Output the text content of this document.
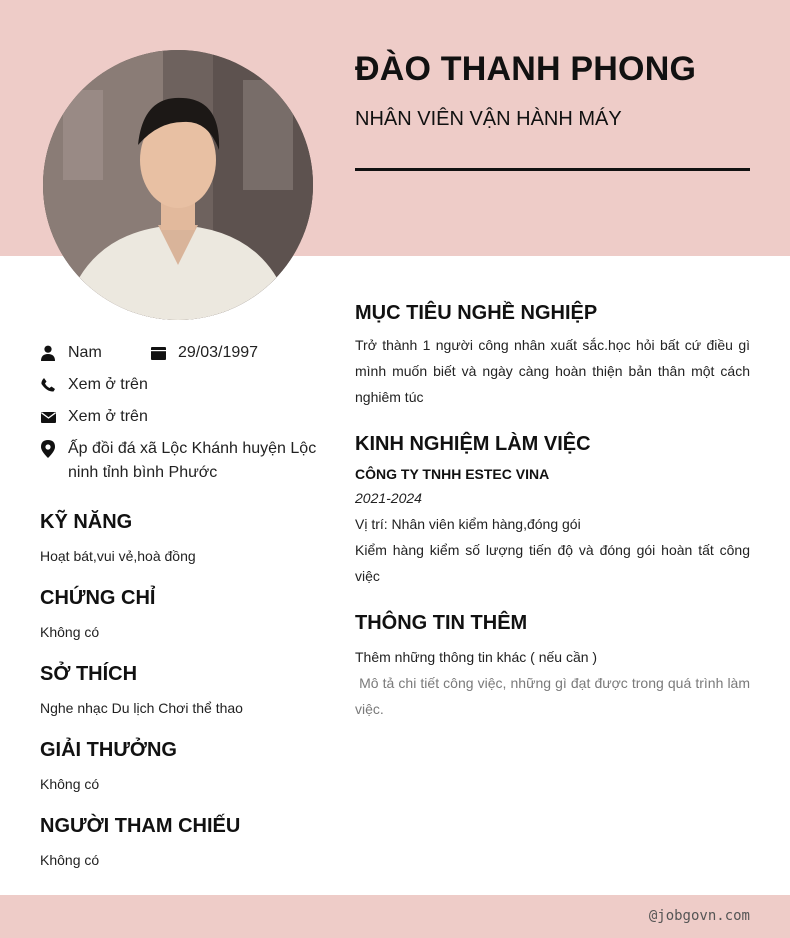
ĐÀO THANH PHONG
NHÂN VIÊN VẬN HÀNH MÁY
Nam	29/03/1997
Xem ở trên
Xem ở trên
Ấp đồi đá xã Lộc Khánh huyện Lộc ninh tỉnh bình Phước
KỸ NĂNG
Hoạt bát,vui vẻ,hoà đồng
CHỨNG CHỈ
Không có
SỞ THÍCH
Nghe nhạc Du lịch Chơi thể thao
GIẢI THƯỞNG
Không có
NGƯỜI THAM CHIẾU
Không có
MỤC TIÊU NGHỀ NGHIỆP
Trở thành 1 người công nhân xuất sắc.học hỏi bất cứ điều gì mình muốn biết và ngày càng hoàn thiện bản thân một cách nghiêm túc
KINH NGHIỆM LÀM VIỆC
CÔNG TY TNHH ESTEC VINA
2021-2024
Vị trí: Nhân viên kiểm hàng,đóng gói
Kiểm hàng kiểm số lượng tiến độ và đóng gói hoàn tất công việc
THÔNG TIN THÊM
Thêm những thông tin khác ( nếu cần )
Mô tả chi tiết công việc, những gì đạt được trong quá trình làm việc.
@jobgovn.com
